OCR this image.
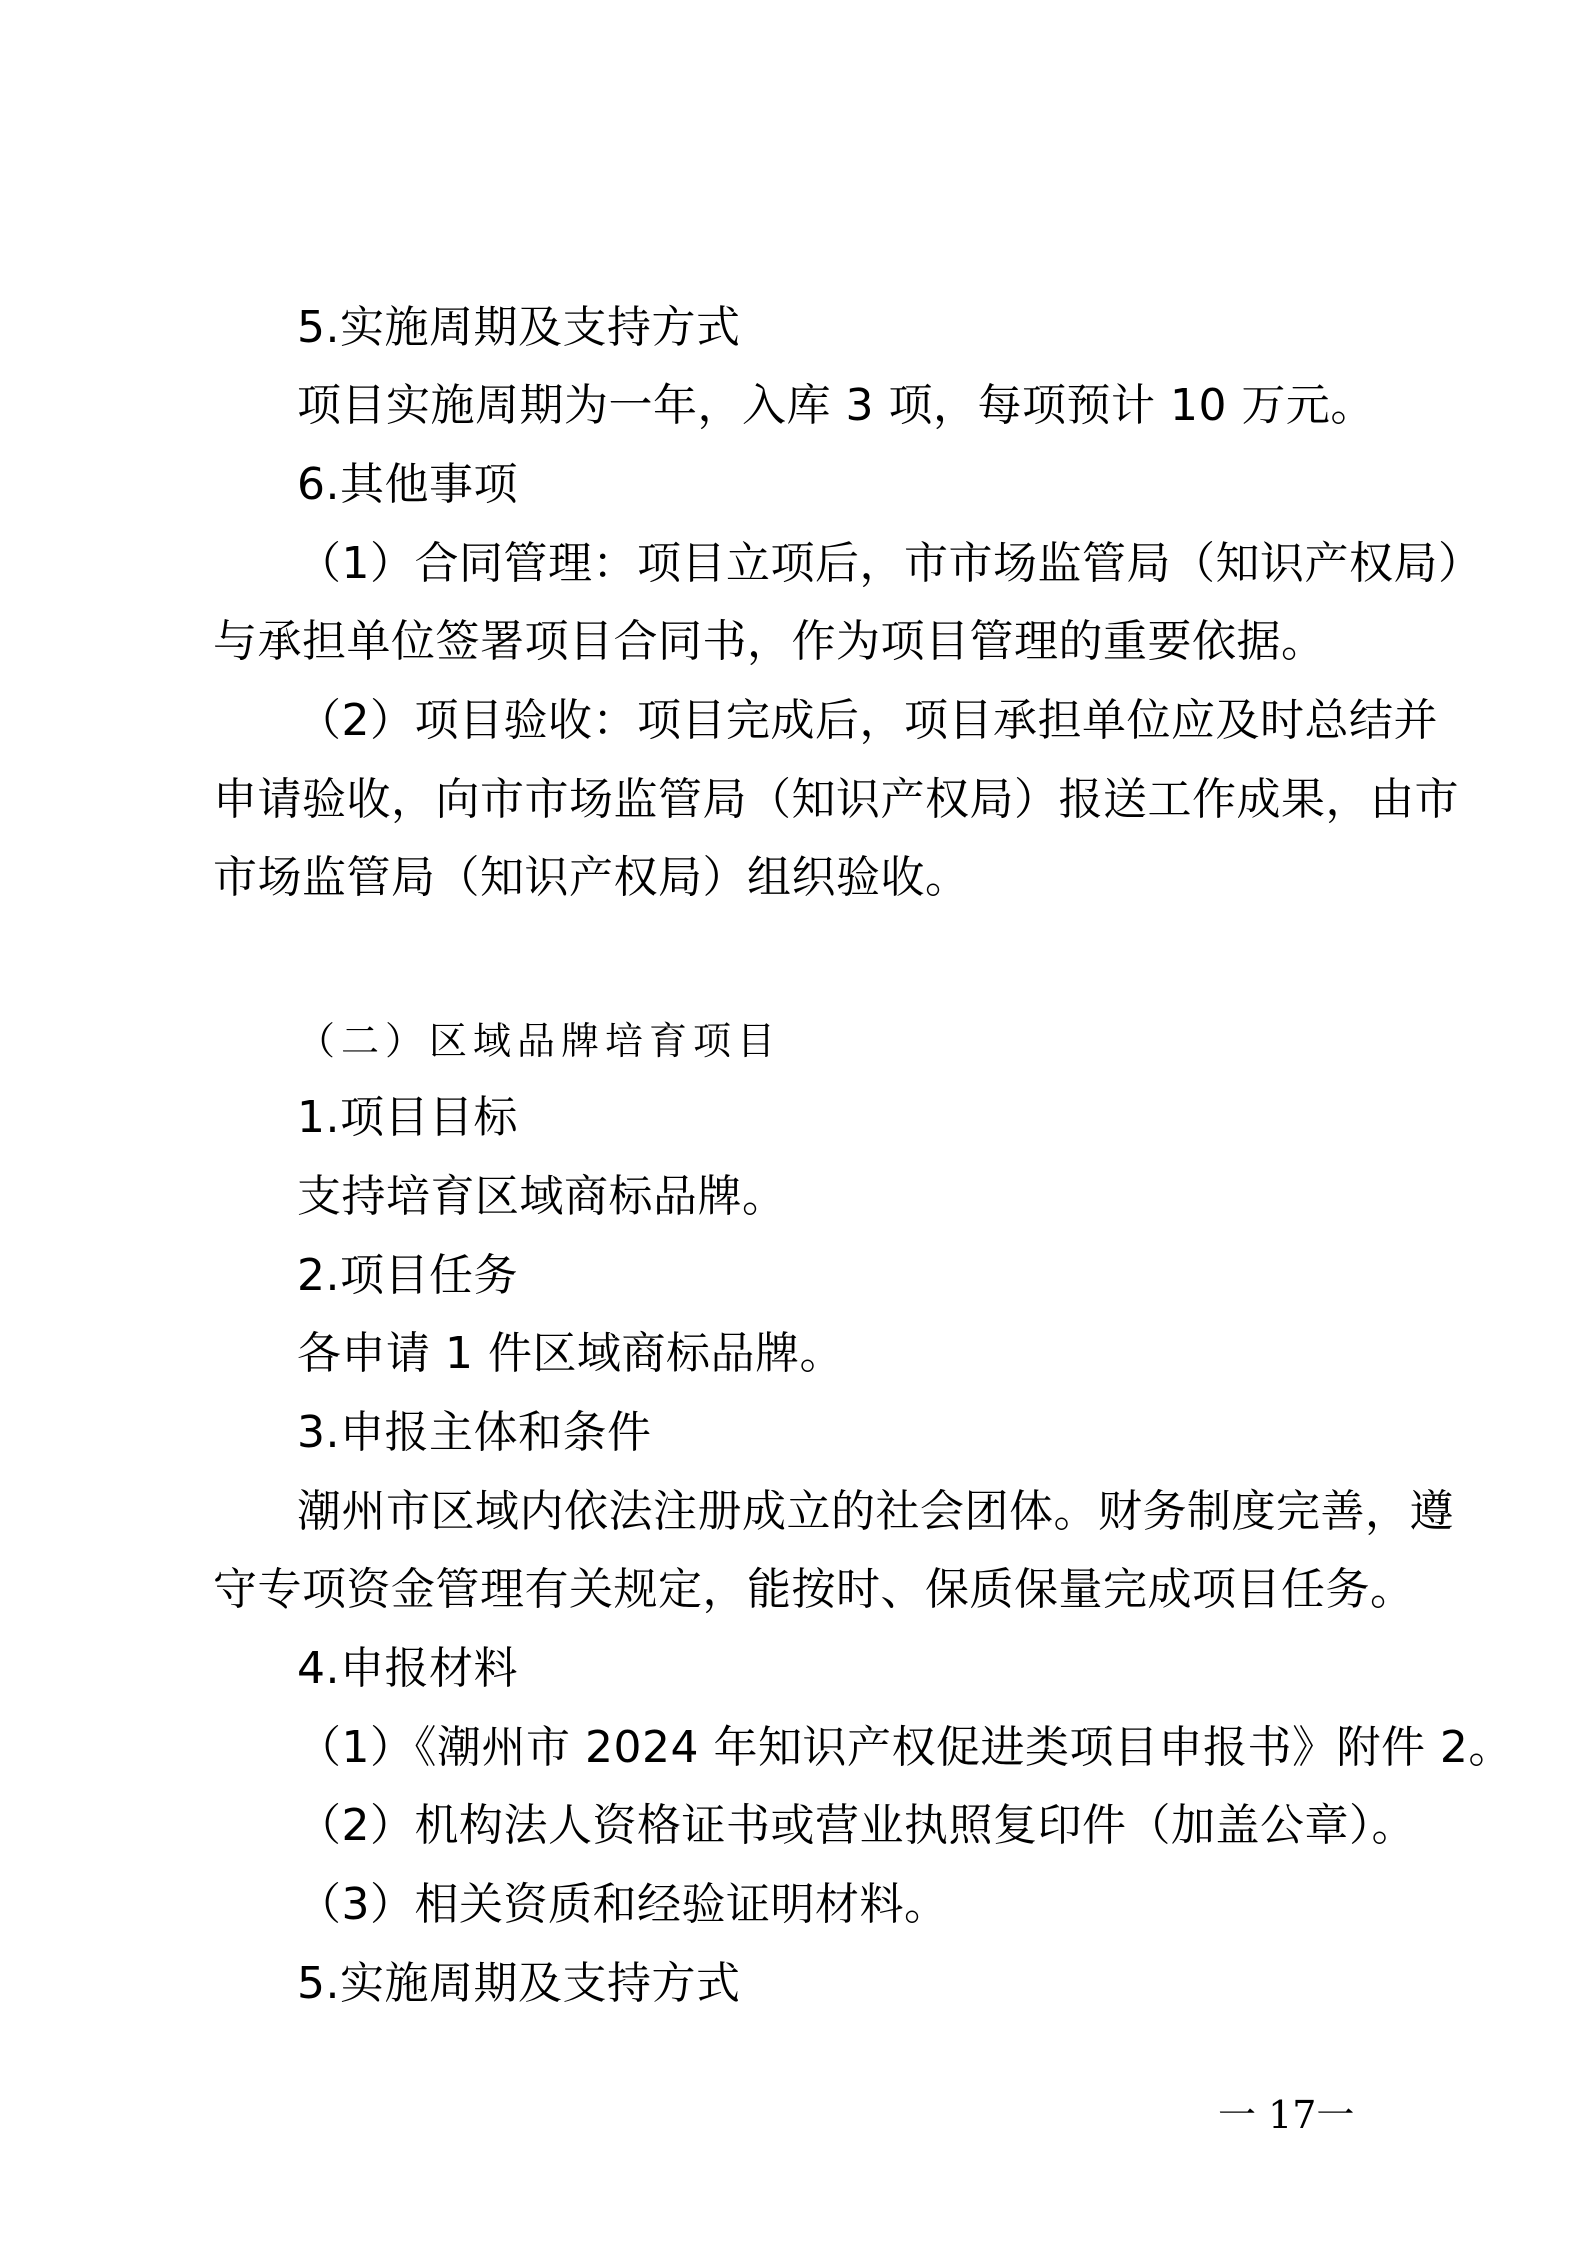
5.实施周期及支持方式
项目实施周期为一年，入库 3 项，每项预计 10 万元。
6.其他事项
（1）合同管理：项目立项后，市市场监管局（知识产权局）
与承担单位签署项目合同书，作为项目管理的重要依据。
（2）项目验收：项目完成后，项目承担单位应及时总结并
申请验收，向市市场监管局（知识产权局）报送工作成果，由市
市场监管局（知识产权局）组织验收。
（二）区域品牌培育项目
1.项目目标
支持培育区域商标品牌。
2.项目任务
各申请 1 件区域商标品牌。
3.申报主体和条件
潮州市区域内依法注册成立的社会团体。财务制度完善，遵
守专项资金管理有关规定，能按时、保质保量完成项目任务。
4.申报材料
（1）《潮州市 2024 年知识产权促进类项目申报书》附件 2。
（2）机构法人资格证书或营业执照复印件（加盖公章）。
（3）相关资质和经验证明材料。
5.实施周期及支持方式
一 17一
